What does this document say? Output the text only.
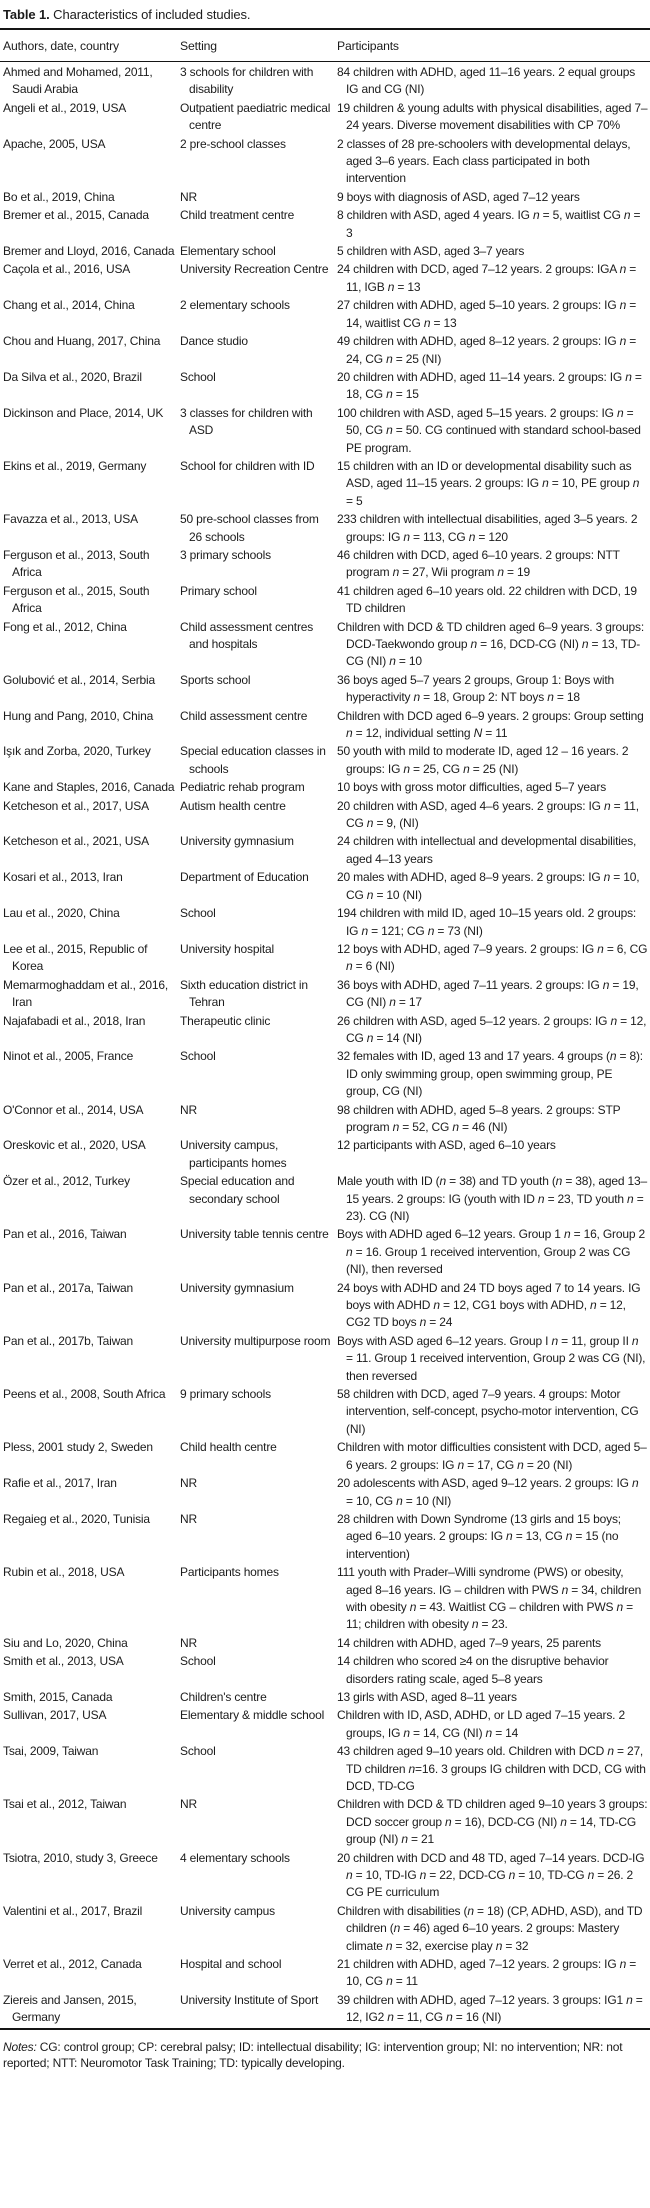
Table 1. Characteristics of included studies.
Authors, date, country	Setting	Participants
Ahmed and Mohamed, 2011, Saudi Arabia	3 schools for children with disability	84 children with ADHD, aged 11–16 years. 2 equal groups IG and CG (NI)
Angeli et al., 2019, USA	Outpatient paediatric medical centre	19 children & young adults with physical disabilities, aged 7–24 years. Diverse movement disabilities with CP 70%
Apache, 2005, USA	2 pre-school classes	2 classes of 28 pre-schoolers with developmental delays, aged 3–6 years. Each class participated in both intervention
Bo et al., 2019, China	NR	9 boys with diagnosis of ASD, aged 7–12 years
Bremer et al., 2015, Canada	Child treatment centre	8 children with ASD, aged 4 years. IG n = 5, waitlist CG n = 3
Bremer and Lloyd, 2016, Canada	Elementary school	5 children with ASD, aged 3–7 years
Caçola et al., 2016, USA	University Recreation Centre	24 children with DCD, aged 7–12 years. 2 groups: IGA n = 11, IGB n = 13
Chang et al., 2014, China	2 elementary schools	27 children with ADHD, aged 5–10 years. 2 groups: IG n = 14, waitlist CG n = 13
Chou and Huang, 2017, China	Dance studio	49 children with ADHD, aged 8–12 years. 2 groups: IG n = 24, CG n = 25 (NI)
Da Silva et al., 2020, Brazil	School	20 children with ADHD, aged 11–14 years. 2 groups: IG n = 18, CG n = 15
Dickinson and Place, 2014, UK	3 classes for children with ASD	100 children with ASD, aged 5–15 years. 2 groups: IG n = 50, CG n = 50. CG continued with standard school-based PE program.
Ekins et al., 2019, Germany	School for children with ID	15 children with an ID or developmental disability such as ASD, aged 11–15 years. 2 groups: IG n = 10, PE group n = 5
Favazza et al., 2013, USA	50 pre-school classes from 26 schools	233 children with intellectual disabilities, aged 3–5 years. 2 groups: IG n = 113, CG n = 120
Ferguson et al., 2013, South Africa	3 primary schools	46 children with DCD, aged 6–10 years. 2 groups: NTT program n = 27, Wii program n = 19
Ferguson et al., 2015, South Africa	Primary school	41 children aged 6–10 years old. 22 children with DCD, 19 TD children
Fong et al., 2012, China	Child assessment centres and hospitals	Children with DCD & TD children aged 6–9 years. 3 groups: DCD-Taekwondo group n = 16, DCD-CG (NI) n = 13, TD-CG (NI) n = 10
Golubović et al., 2014, Serbia	Sports school	36 boys aged 5–7 years 2 groups, Group 1: Boys with hyperactivity n = 18, Group 2: NT boys n = 18
Hung and Pang, 2010, China	Child assessment centre	Children with DCD aged 6–9 years. 2 groups: Group setting n = 12, individual setting N = 11
Işık and Zorba, 2020, Turkey	Special education classes in schools	50 youth with mild to moderate ID, aged 12 – 16 years. 2 groups: IG n = 25, CG n = 25 (NI)
Kane and Staples, 2016, Canada	Pediatric rehab program	10 boys with gross motor difficulties, aged 5–7 years
Ketcheson et al., 2017, USA	Autism health centre	20 children with ASD, aged 4–6 years. 2 groups: IG n = 11, CG n = 9, (NI)
Ketcheson et al., 2021, USA	University gymnasium	24 children with intellectual and developmental disabilities, aged 4–13 years
Kosari et al., 2013, Iran	Department of Education	20 males with ADHD, aged 8–9 years. 2 groups: IG n = 10, CG n = 10 (NI)
Lau et al., 2020, China	School	194 children with mild ID, aged 10–15 years old. 2 groups: IG n = 121; CG n = 73 (NI)
Lee et al., 2015, Republic of Korea	University hospital	12 boys with ADHD, aged 7–9 years. 2 groups: IG n = 6, CG n = 6 (NI)
Memarmoghaddam et al., 2016, Iran	Sixth education district in Tehran	36 boys with ADHD, aged 7–11 years. 2 groups: IG n = 19, CG (NI) n = 17
Najafabadi et al., 2018, Iran	Therapeutic clinic	26 children with ASD, aged 5–12 years. 2 groups: IG n = 12, CG n = 14 (NI)
Ninot et al., 2005, France	School	32 females with ID, aged 13 and 17 years. 4 groups (n = 8): ID only swimming group, open swimming group, PE group, CG (NI)
O'Connor et al., 2014, USA	NR	98 children with ADHD, aged 5–8 years. 2 groups: STP program n = 52, CG n = 46 (NI)
Oreskovic et al., 2020, USA	University campus, participants homes	12 participants with ASD, aged 6–10 years
Özer et al., 2012, Turkey	Special education and secondary school	Male youth with ID (n = 38) and TD youth (n = 38), aged 13–15 years. 2 groups: IG (youth with ID n = 23, TD youth n = 23). CG (NI)
Pan et al., 2016, Taiwan	University table tennis centre	Boys with ADHD aged 6–12 years. Group 1 n = 16, Group 2 n = 16. Group 1 received intervention, Group 2 was CG (NI), then reversed
Pan et al., 2017a, Taiwan	University gymnasium	24 boys with ADHD and 24 TD boys aged 7 to 14 years. IG boys with ADHD n = 12, CG1 boys with ADHD, n = 12, CG2 TD boys n = 24
Pan et al., 2017b, Taiwan	University multipurpose room	Boys with ASD aged 6–12 years. Group I n = 11, group II n = 11. Group 1 received intervention, Group 2 was CG (NI), then reversed
Peens et al., 2008, South Africa	9 primary schools	58 children with DCD, aged 7–9 years. 4 groups: Motor intervention, self-concept, psycho-motor intervention, CG (NI)
Pless, 2001 study 2, Sweden	Child health centre	Children with motor difficulties consistent with DCD, aged 5–6 years. 2 groups: IG n = 17, CG n = 20 (NI)
Rafie et al., 2017, Iran	NR	20 adolescents with ASD, aged 9–12 years. 2 groups: IG n = 10, CG n = 10 (NI)
Regaieg et al., 2020, Tunisia	NR	28 children with Down Syndrome (13 girls and 15 boys; aged 6–10 years. 2 groups: IG n = 13, CG n = 15 (no intervention)
Rubin et al., 2018, USA	Participants homes	111 youth with Prader–Willi syndrome (PWS) or obesity, aged 8–16 years. IG – children with PWS n = 34, children with obesity n = 43. Waitlist CG – children with PWS n = 11; children with obesity n = 23.
Siu and Lo, 2020, China	NR	14 children with ADHD, aged 7–9 years, 25 parents
Smith et al., 2013, USA	School	14 children who scored ≥4 on the disruptive behavior disorders rating scale, aged 5–8 years
Smith, 2015, Canada	Children's centre	13 girls with ASD, aged 8–11 years
Sullivan, 2017, USA	Elementary & middle school	Children with ID, ASD, ADHD, or LD aged 7–15 years. 2 groups, IG n = 14, CG (NI) n = 14
Tsai, 2009, Taiwan	School	43 children aged 9–10 years old. Children with DCD n = 27, TD children n=16. 3 groups IG children with DCD, CG with DCD, TD-CG
Tsai et al., 2012, Taiwan	NR	Children with DCD & TD children aged 9–10 years 3 groups: DCD soccer group n = 16), DCD-CG (NI) n = 14, TD-CG group (NI) n = 21
Tsiotra, 2010, study 3, Greece	4 elementary schools	20 children with DCD and 48 TD, aged 7–14 years. DCD-IG n = 10, TD-IG n = 22, DCD-CG n = 10, TD-CG n = 26. 2 CG PE curriculum
Valentini et al., 2017, Brazil	University campus	Children with disabilities (n = 18) (CP, ADHD, ASD), and TD children (n = 46) aged 6–10 years. 2 groups: Mastery climate n = 32, exercise play n = 32
Verret et al., 2012, Canada	Hospital and school	21 children with ADHD, aged 7–12 years. 2 groups: IG n = 10, CG n = 11
Ziereis and Jansen, 2015, Germany	University Institute of Sport	39 children with ADHD, aged 7–12 years. 3 groups: IG1 n = 12, IG2 n = 11, CG n = 16 (NI)
Notes: CG: control group; CP: cerebral palsy; ID: intellectual disability; IG: intervention group; NI: no intervention; NR: not reported; NTT: Neuromotor Task Training; TD: typically developing.
